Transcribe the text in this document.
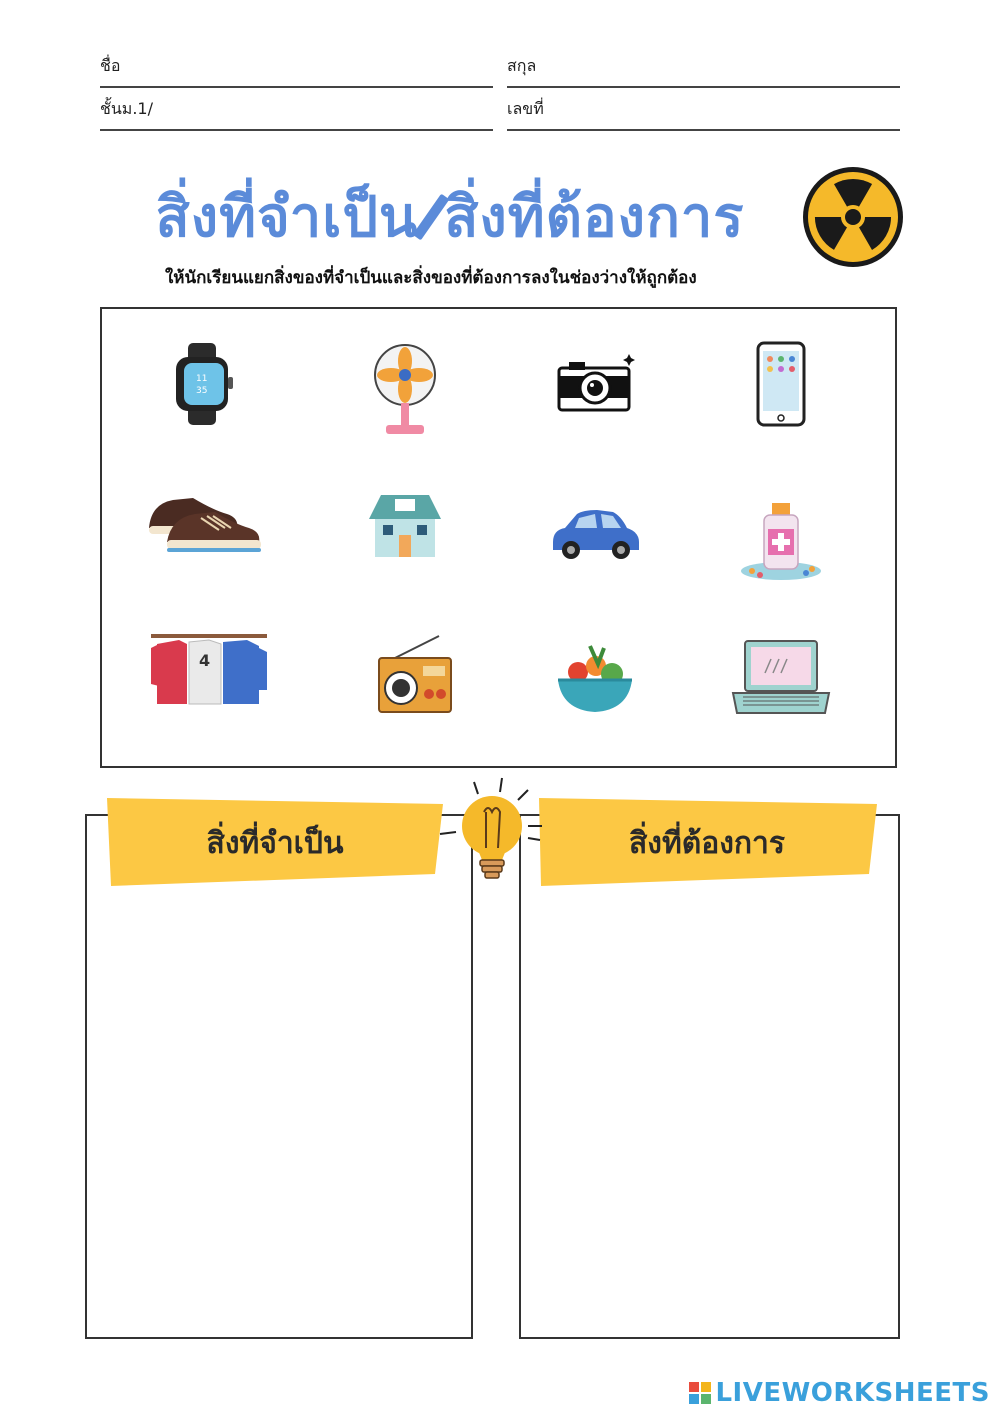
ชื่อ	สกุล
ชั้นม.1/	เลขที่
สิ่งที่จำเป็น สิ่งที่ต้องการ
ให้นักเรียนแยกสิ่งของที่จำเป็นและสิ่งของที่ต้องการลงในช่องว่างให้ถูกต้อง
11
35
4
สิ่งที่จำเป็น	สิ่งที่ต้องการ
LIVEWORKSHEETS
